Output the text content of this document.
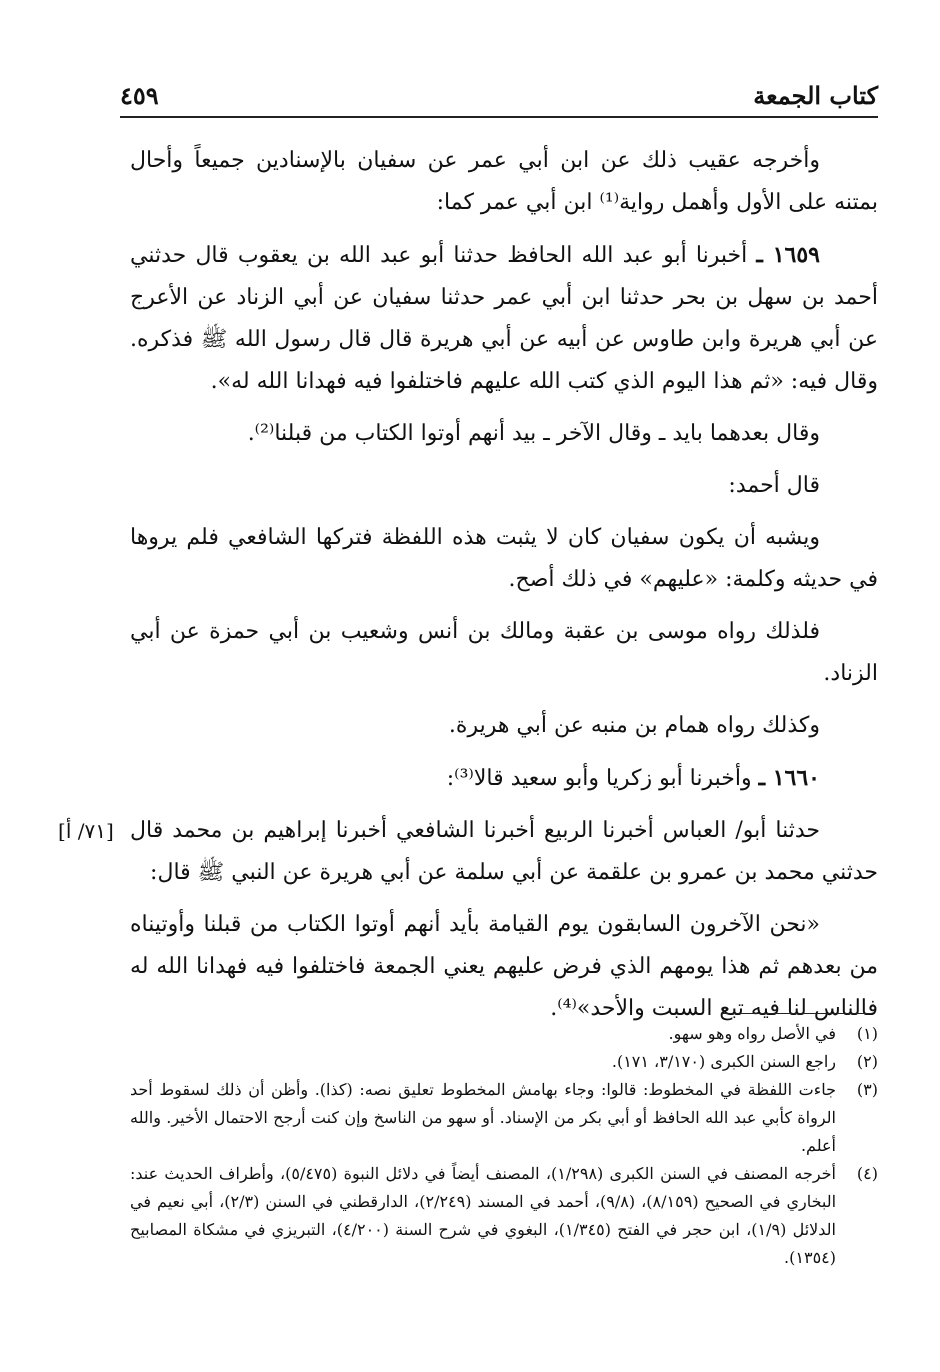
كتاب الجمعة
٤٥٩

وأخرجه عقيب ذلك عن ابن أبي عمر عن سفيان بالإسنادين جميعاً وأحال بمتنه على الأول وأهمل رواية⁽¹⁾ ابن أبي عمر كما:

١٦٥٩ ـ أخبرنا أبو عبد الله الحافظ حدثنا أبو عبد الله بن يعقوب قال حدثني أحمد بن سهل بن بحر حدثنا ابن أبي عمر حدثنا سفيان عن أبي الزناد عن الأعرج عن أبي هريرة وابن طاوس عن أبيه عن أبي هريرة قال قال رسول الله ﷺ فذكره. وقال فيه: «ثم هذا اليوم الذي كتب الله عليهم فاختلفوا فيه فهدانا الله له».

وقال بعدهما بايد ـ وقال الآخر ـ بيد أنهم أوتوا الكتاب من قبلنا⁽²⁾.

قال أحمد:

ويشبه أن يكون سفيان كان لا يثبت هذه اللفظة فتركها الشافعي فلم يروها في حديثه وكلمة: «عليهم» في ذلك أصح.

فلذلك رواه موسى بن عقبة ومالك بن أنس وشعيب بن أبي حمزة عن أبي الزناد.

وكذلك رواه همام بن منبه عن أبي هريرة.

١٦٦٠ ـ وأخبرنا أبو زكريا وأبو سعيد قالا⁽³⁾:

[٧١/ أ] حدثنا أبو/ العباس أخبرنا الربيع أخبرنا الشافعي أخبرنا إبراهيم بن محمد قال حدثني محمد بن عمرو بن علقمة عن أبي سلمة عن أبي هريرة عن النبي ﷺ قال:

«نحن الآخرون السابقون يوم القيامة بأيد أنهم أوتوا الكتاب من قبلنا وأوتيناه من بعدهم ثم هذا يومهم الذي فرض عليهم يعني الجمعة فاختلفوا فيه فهدانا الله له فالناس لنا فيه تبع السبت والأحد»⁽⁴⁾.

(١)
في الأصل رواه وهو سهو.
(٢)
راجع السنن الكبرى (٣/١٧٠، ١٧١).
(٣)
جاءت اللفظة في المخطوط: قالوا: وجاء بهامش المخطوط تعليق نصه: (كذا). وأظن أن ذلك لسقوط أحد الرواة كأبي عبد الله الحافظ أو أبي بكر من الإسناد. أو سهو من الناسخ وإن كنت أرجح الاحتمال الأخير. والله أعلم.
(٤)
أخرجه المصنف في السنن الكبرى (١/٢٩٨)، المصنف أيضاً في دلائل النبوة (٥/٤٧٥)، وأطراف الحديث عند: البخاري في الصحيح (٨/١٥٩)، (٩/٨)، أحمد في المسند (٢/٢٤٩)، الدارقطني في السنن (٢/٣)، أبي نعيم في الدلائل (١/٩)، ابن حجر في الفتح (١/٣٤٥)، البغوي في شرح السنة (٤/٢٠٠)، التبريزي في مشكاة المصابيح (١٣٥٤).
